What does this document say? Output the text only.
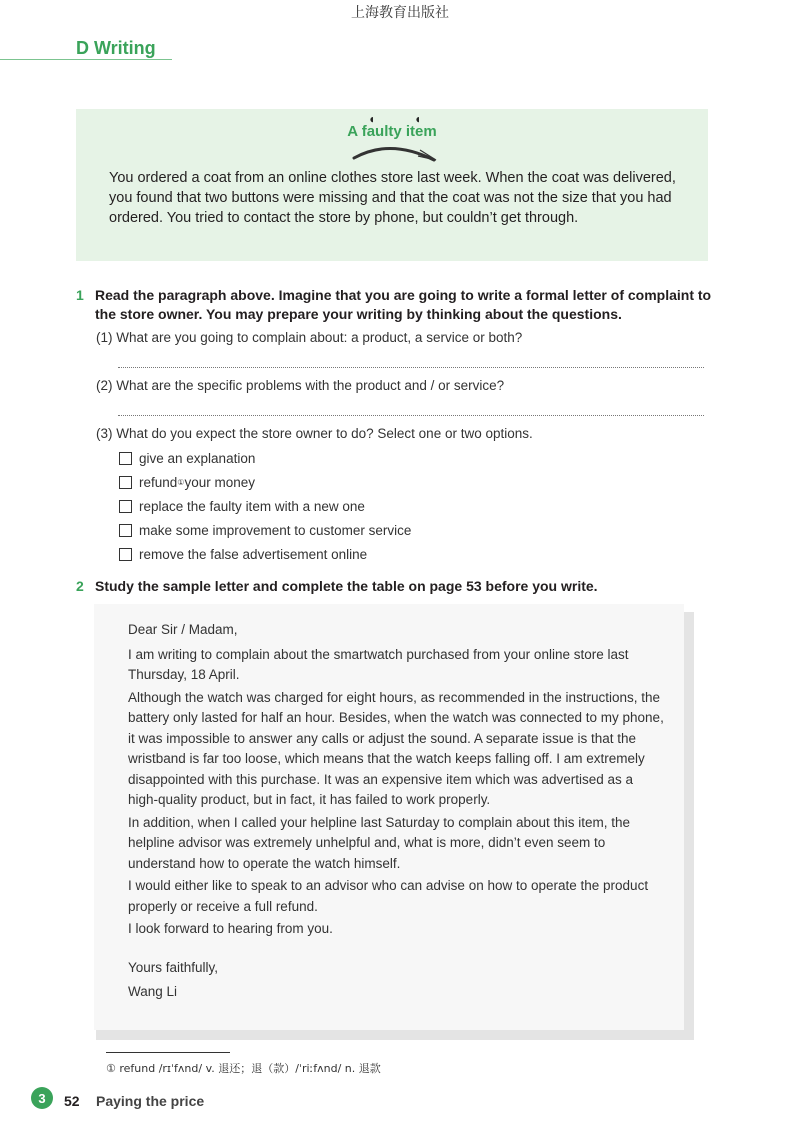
上海教育出版社
D Writing
◖	◖
A faulty item
You ordered a coat from an online clothes store last week. When the coat was delivered, you found that two buttons were missing and that the coat was not the size that you had ordered. You tried to contact the store by phone, but couldn’t get through.
1 Read the paragraph above. Imagine that you are going to write a formal letter of complaint to the store owner. You may prepare your writing by thinking about the questions.
(1) What are you going to complain about: a product, a service or both?
(2) What are the specific problems with the product and / or service?
(3) What do you expect the store owner to do? Select one or two options.
give an explanation
refund ① your money
replace the faulty item with a new one
make some improvement to customer service
remove the false advertisement online
2 Study the sample letter and complete the table on page 53 before you write.

Dear Sir / Madam,

I am writing to complain about the smartwatch purchased from your online store last Thursday, 18 April.

Although the watch was charged for eight hours, as recommended in the instructions, the battery only lasted for half an hour. Besides, when the watch was connected to my phone, it was impossible to answer any calls or adjust the sound. A separate issue is that the wristband is far too loose, which means that the watch keeps falling off. I am extremely disappointed with this purchase. It was an expensive item which was advertised as a high-quality product, but in fact, it has failed to work properly.

In addition, when I called your helpline last Saturday to complain about this item, the helpline advisor was extremely unhelpful and, what is more, didn’t even seem to understand how to operate the watch himself.

I would either like to speak to an advisor who can advise on how to operate the product properly or receive a full refund.

I look forward to hearing from you.

Yours faithfully,

Wang Li

① refund /rɪˈfʌnd/ v. 退还；退（款）/ˈriːfʌnd/ n. 退款
3	52 Paying the price
